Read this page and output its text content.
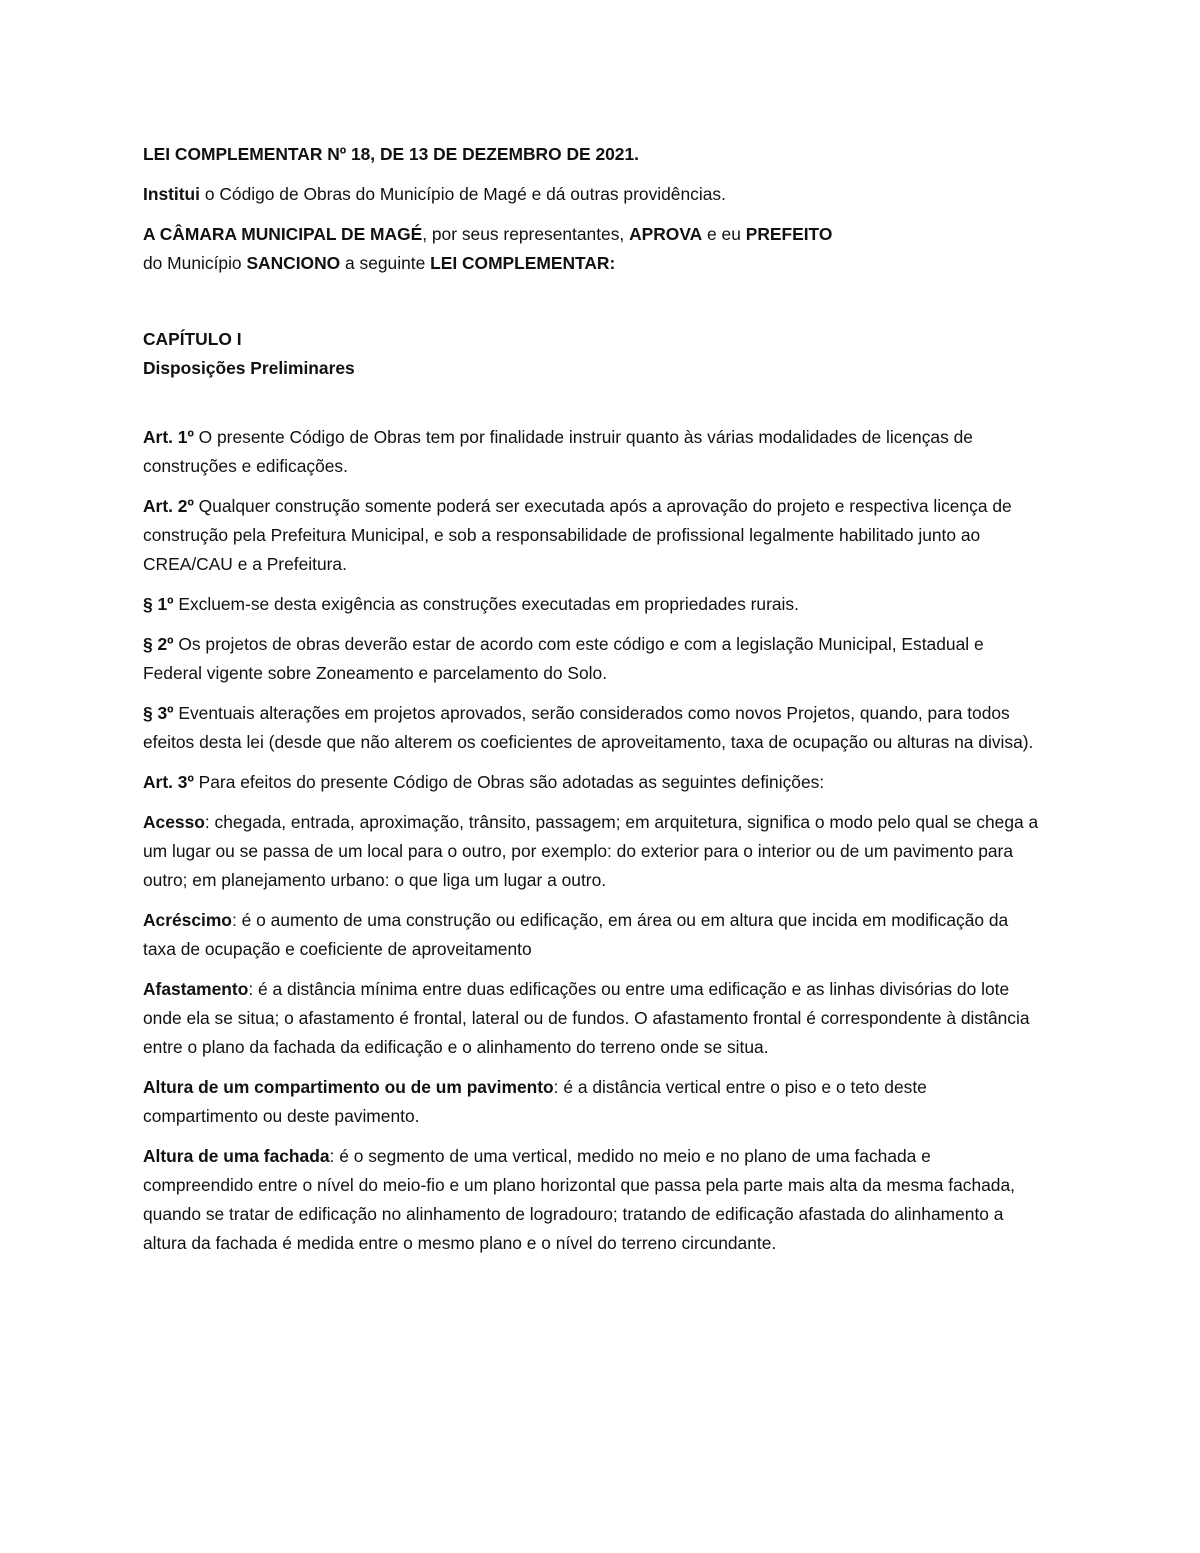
LEI COMPLEMENTAR Nº 18, DE 13 DE DEZEMBRO DE 2021.

Institui o Código de Obras do Município de Magé e dá outras providências.

A CÂMARA MUNICIPAL DE MAGÉ, por seus representantes, APROVA e eu PREFEITO
do Município SANCIONO a seguinte LEI COMPLEMENTAR:

CAPÍTULO I
Disposições Preliminares

Art. 1º O presente Código de Obras tem por finalidade instruir quanto às várias modalidades de licenças de construções e edificações.

Art. 2º Qualquer construção somente poderá ser executada após a aprovação do projeto e respectiva licença de construção pela Prefeitura Municipal, e sob a responsabilidade de profissional legalmente habilitado junto ao CREA/CAU e a Prefeitura.

§ 1º Excluem-se desta exigência as construções executadas em propriedades rurais.

§ 2º Os projetos de obras deverão estar de acordo com este código e com a legislação Municipal, Estadual e Federal vigente sobre Zoneamento e parcelamento do Solo.

§ 3º Eventuais alterações em projetos aprovados, serão considerados como novos Projetos, quando, para todos efeitos desta lei (desde que não alterem os coeficientes de aproveitamento, taxa de ocupação ou alturas na divisa).

Art. 3º Para efeitos do presente Código de Obras são adotadas as seguintes definições:

Acesso: chegada, entrada, aproximação, trânsito, passagem; em arquitetura, significa o modo pelo qual se chega a um lugar ou se passa de um local para o outro, por exemplo: do exterior para o interior ou de um pavimento para outro; em planejamento urbano: o que liga um lugar a outro.

Acréscimo: é o aumento de uma construção ou edificação, em área ou em altura que incida em modificação da taxa de ocupação e coeficiente de aproveitamento

Afastamento: é a distância mínima entre duas edificações ou entre uma edificação e as linhas divisórias do lote onde ela se situa; o afastamento é frontal, lateral ou de fundos. O afastamento frontal é correspondente à distância entre o plano da fachada da edificação e o alinhamento do terreno onde se situa.

Altura de um compartimento ou de um pavimento: é a distância vertical entre o piso e o teto deste compartimento ou deste pavimento.

Altura de uma fachada: é o segmento de uma vertical, medido no meio e no plano de uma fachada e compreendido entre o nível do meio-fio e um plano horizontal que passa pela parte mais alta da mesma fachada, quando se tratar de edificação no alinhamento de logradouro; tratando de edificação afastada do alinhamento a altura da fachada é medida entre o mesmo plano e o nível do terreno circundante.
